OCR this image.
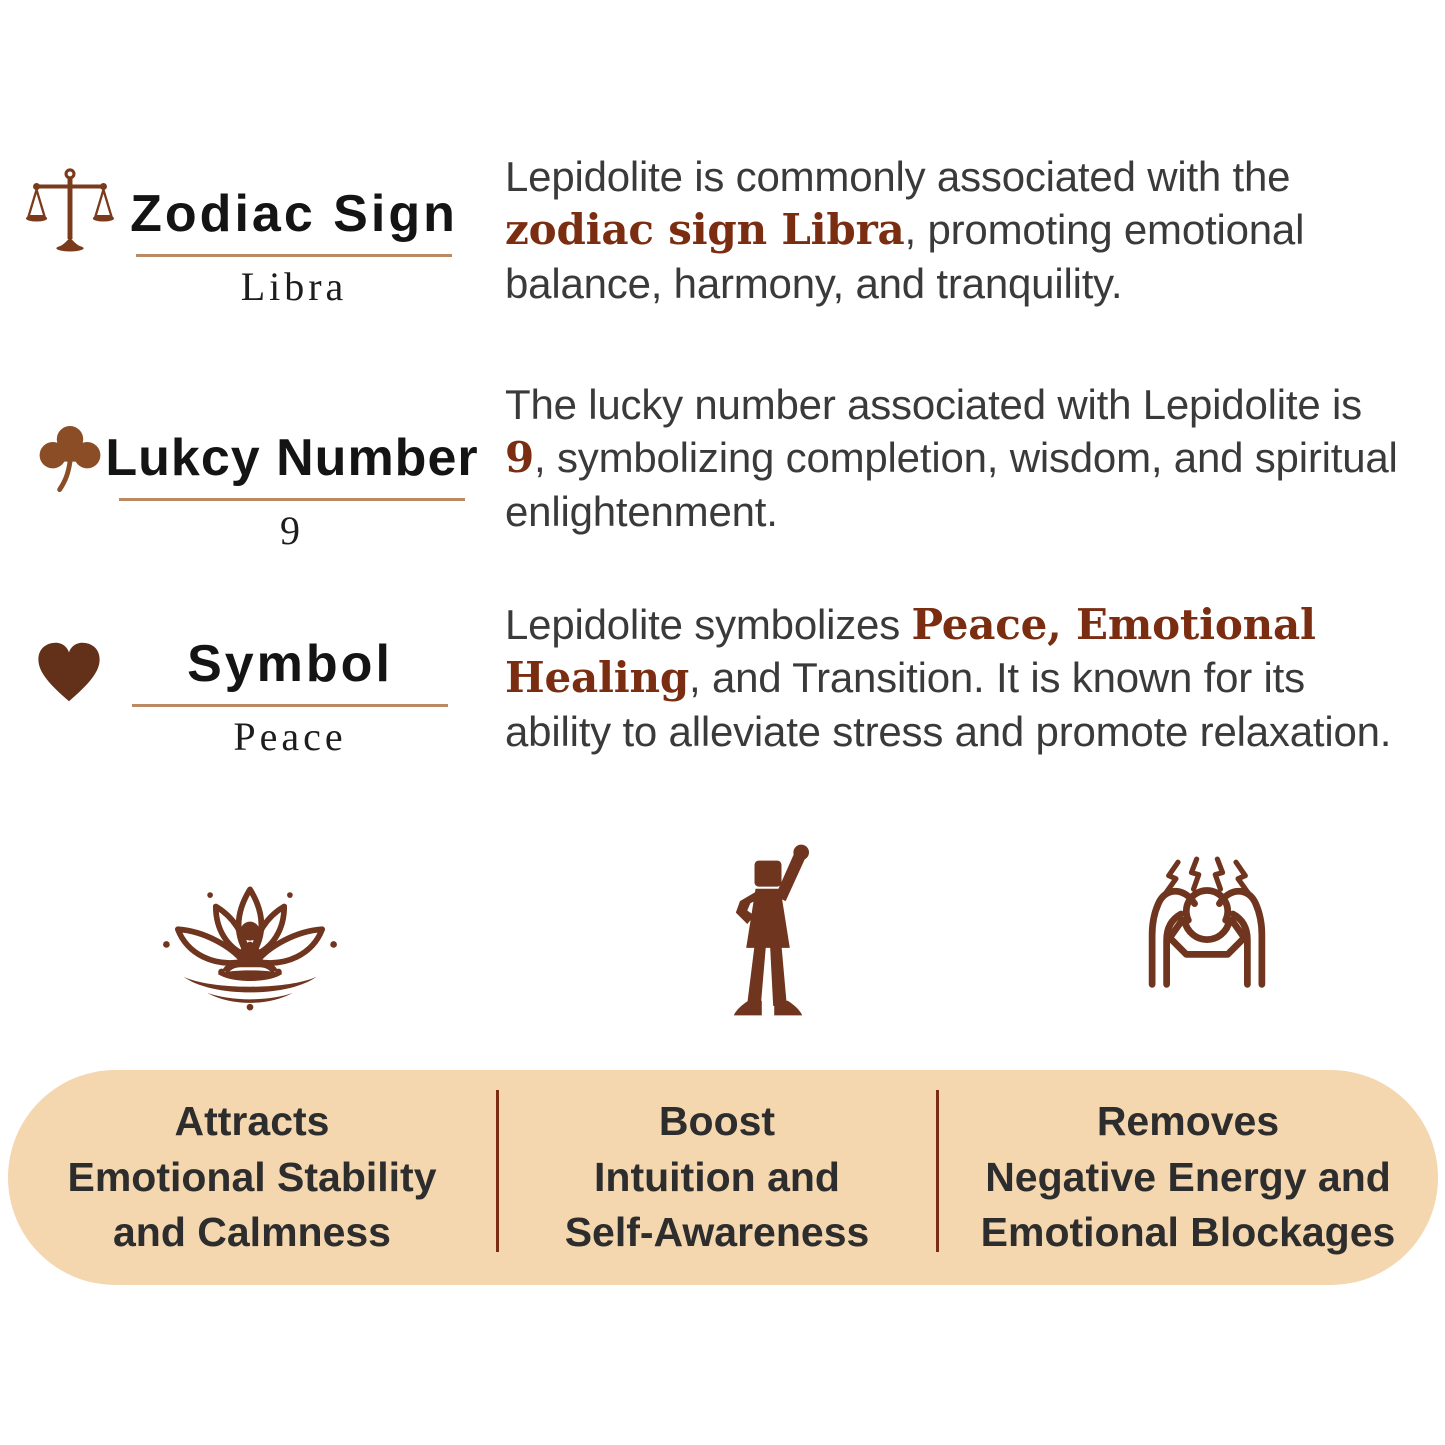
Zodiac Sign
Libra

Lepidolite is commonly associated with the zodiac sign Libra, promoting emotional balance, harmony, and tranquility.

Lukcy Number
9

The lucky number associated with Lepidolite is 9, symbolizing completion, wisdom, and spiritual enlightenment.

Symbol
Peace

Lepidolite symbolizes Peace, Emotional Healing, and Transition. It is known for its ability to alleviate stress and promote relaxation.

Attracts
Emotional Stability
and Calmness
Boost
Intuition and
Self-Awareness
Removes
Negative Energy and
Emotional Blockages
